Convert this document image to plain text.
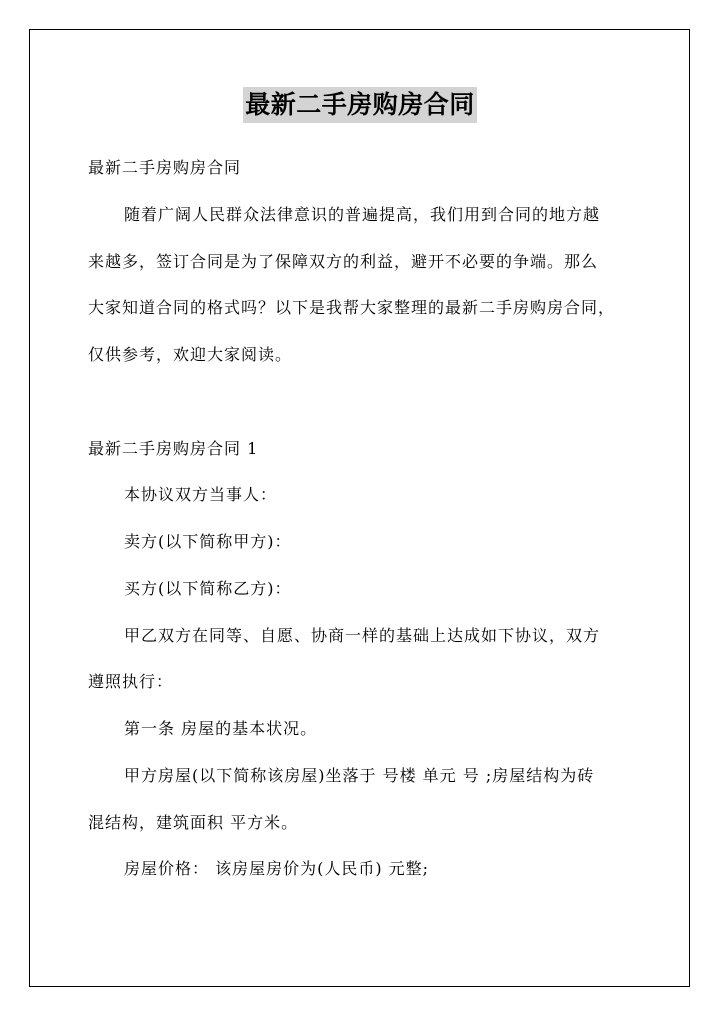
最新二手房购房合同
最新二手房购房合同
随着广阔人民群众法律意识的普遍提高，我们用到合同的地方越
来越多，签订合同是为了保障双方的利益，避开不必要的争端。那么
大家知道合同的格式吗？以下是我帮大家整理的最新二手房购房合同，
仅供参考，欢迎大家阅读。
最新二手房购房合同 1
本协议双方当事人：
卖方(以下简称甲方)：
买方(以下简称乙方)：
甲乙双方在同等、自愿、协商一样的基础上达成如下协议，双方
遵照执行：
第一条 房屋的基本状况。
甲方房屋(以下简称该房屋)坐落于 号楼 单元 号 ;房屋结构为砖
混结构，建筑面积 平方米。
房屋价格： 该房屋房价为(人民币) 元整;
